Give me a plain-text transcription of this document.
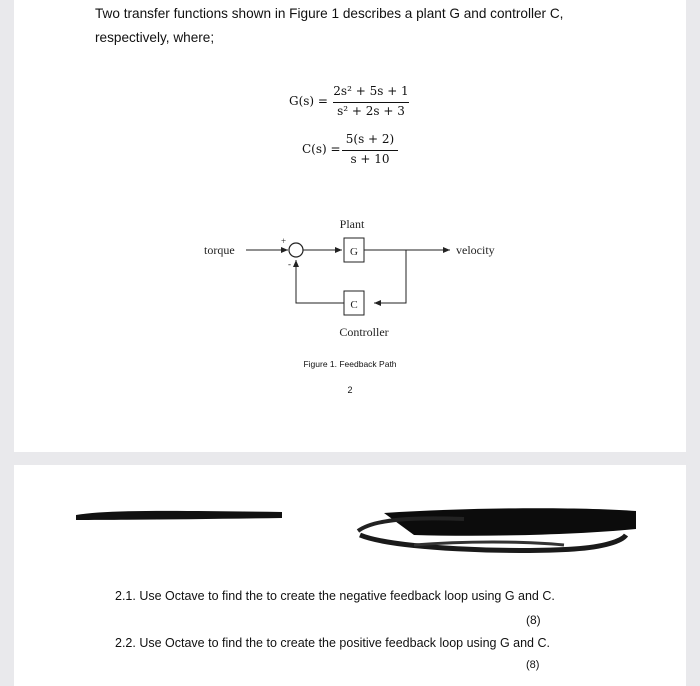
Two transfer functions shown in Figure 1 describes a plant G and controller C, respectively, where;
G(s) =
2s² + 5s + 1
s² + 2s + 3
C(s) =
5(s + 2)
s + 10
Plant
torque
+
-
G	velocity
C
Controller
Figure 1. Feedback Path
2
2.1. Use Octave to find the to create the negative feedback loop using G and C.
(8)
2.2. Use Octave to find the to create the positive feedback loop using G and C.
(8)
